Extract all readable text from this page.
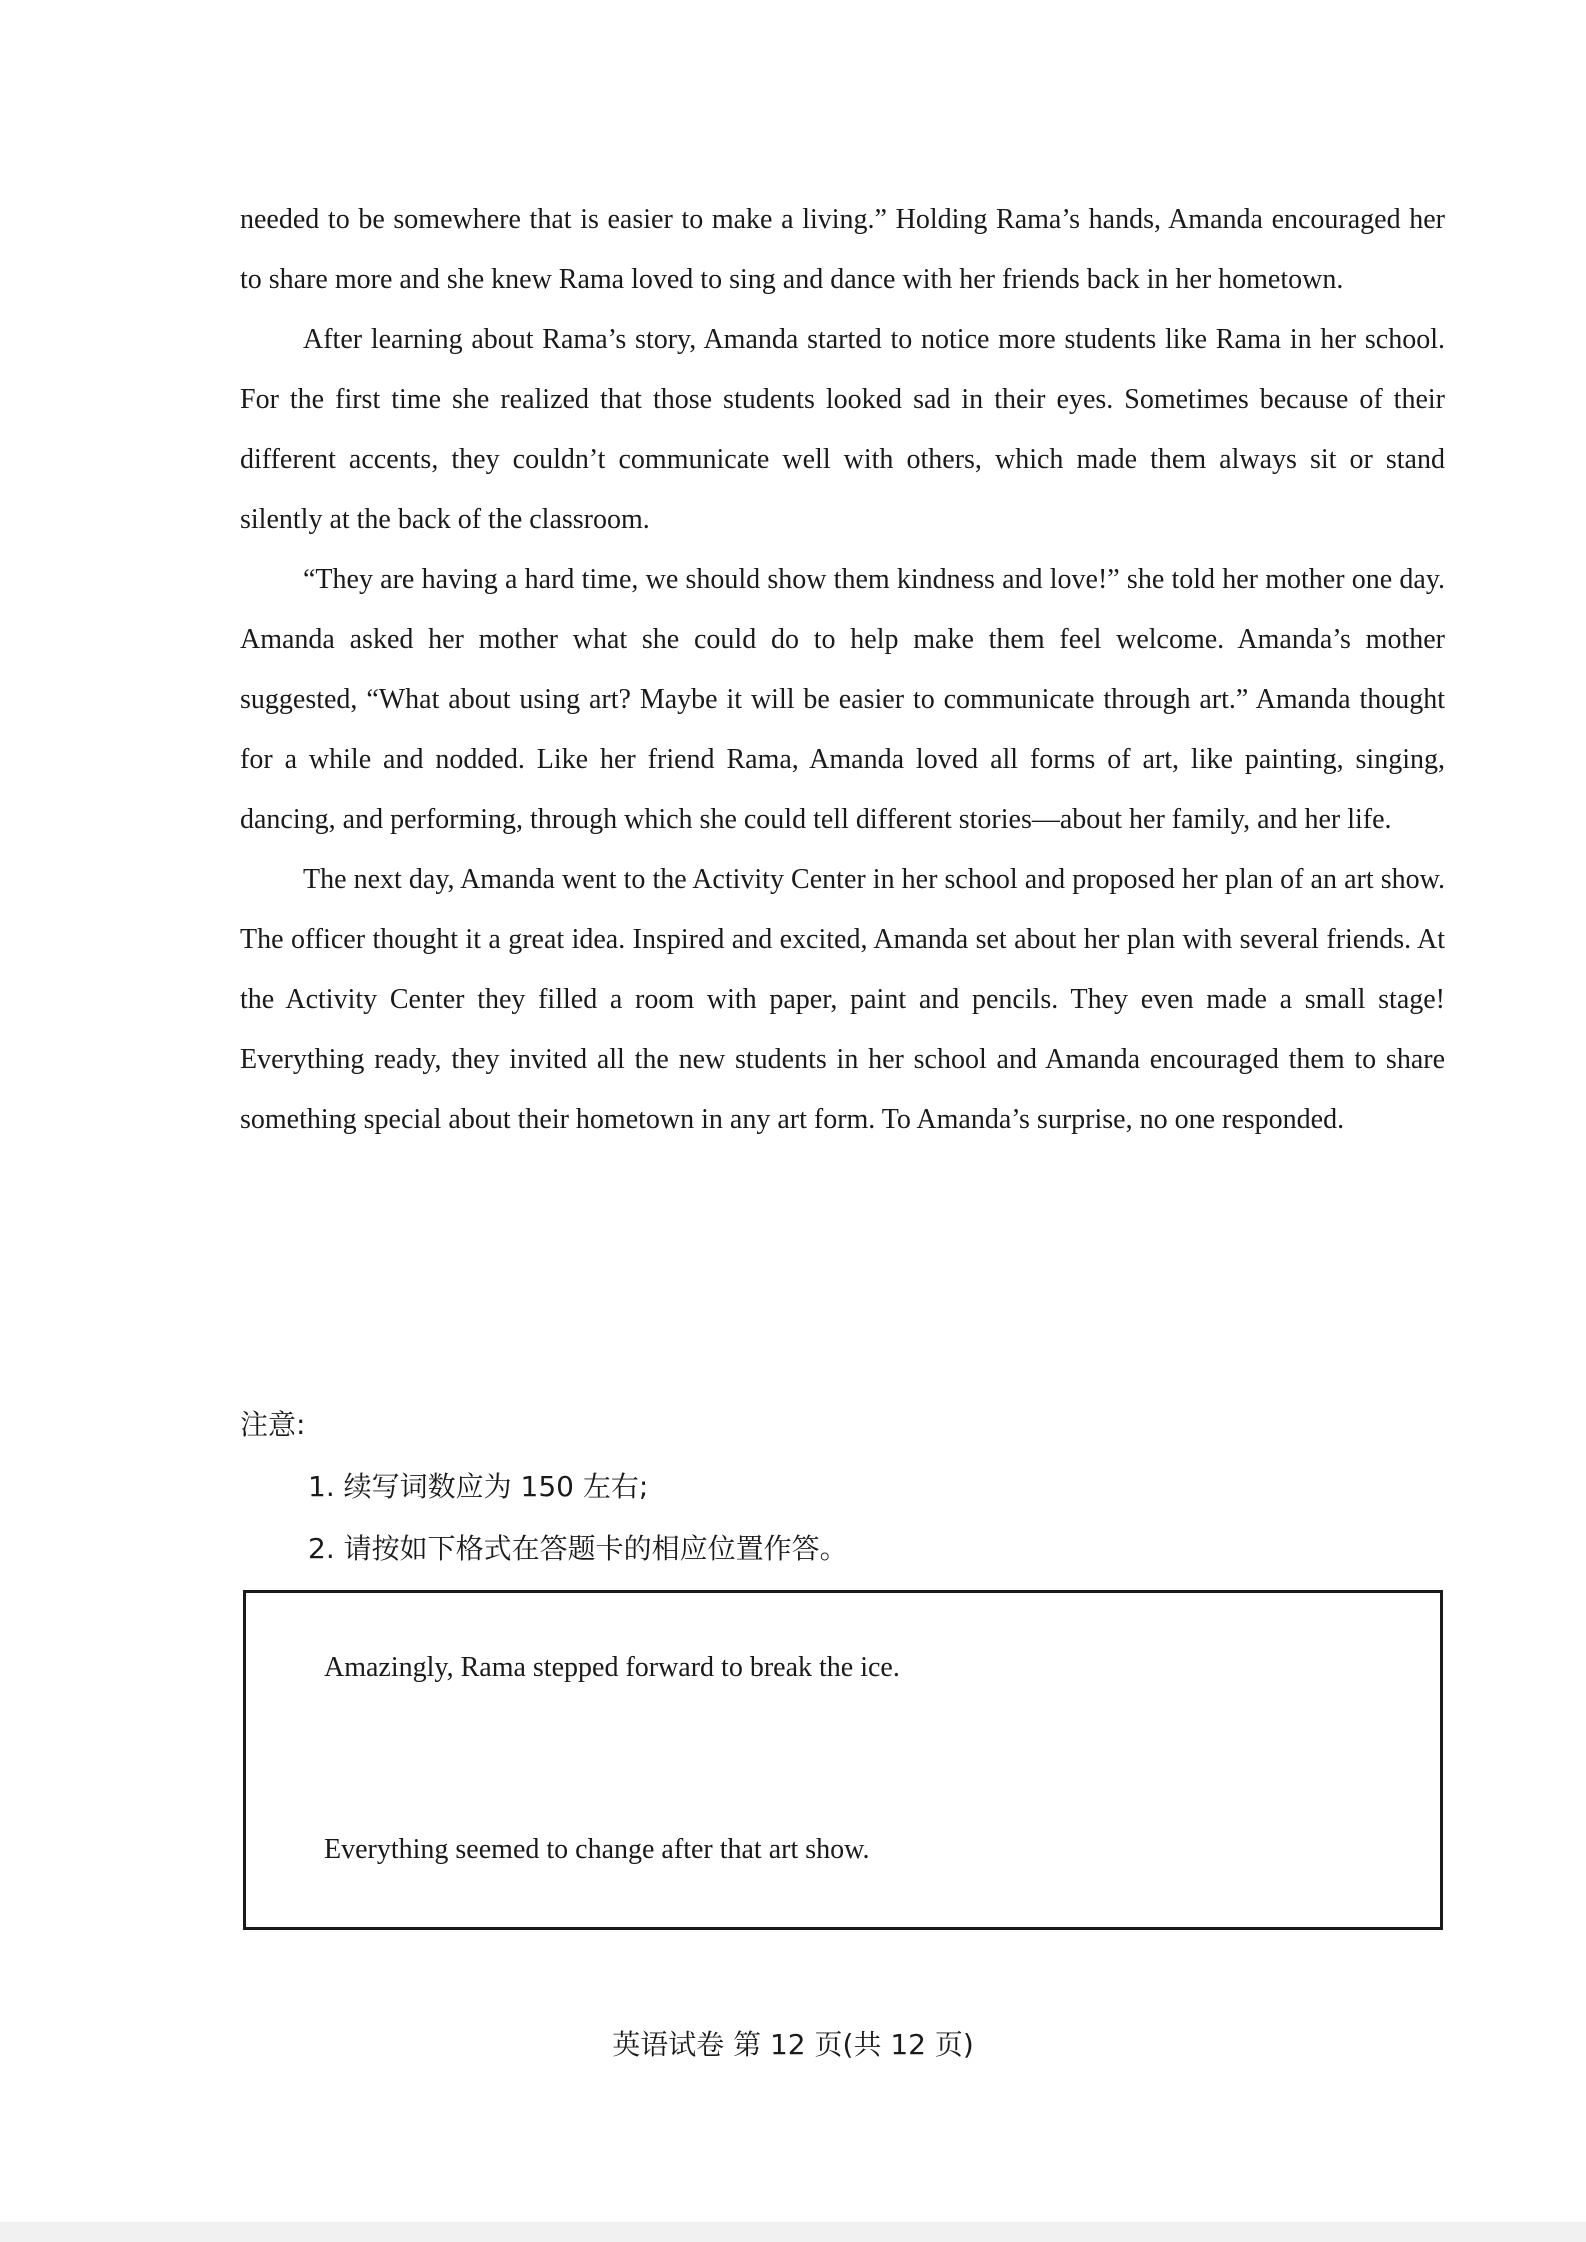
needed to be somewhere that is easier to make a living.” Holding Rama’s hands, Amanda encouraged her to share more and she knew Rama loved to sing and dance with her friends back in her hometown.

After learning about Rama’s story, Amanda started to notice more students like Rama in her school. For the first time she realized that those students looked sad in their eyes. Sometimes because of their different accents, they couldn’t communicate well with others, which made them always sit or stand silently at the back of the classroom.

“They are having a hard time, we should show them kindness and love!” she told her mother one day. Amanda asked her mother what she could do to help make them feel welcome. Amanda’s mother suggested, “What about using art? Maybe it will be easier to communicate through art.” Amanda thought for a while and nodded. Like her friend Rama, Amanda loved all forms of art, like painting, singing, dancing, and performing, through which she could tell different stories—about her family, and her life.

The next day, Amanda went to the Activity Center in her school and proposed her plan of an art show. The officer thought it a great idea. Inspired and excited, Amanda set about her plan with several friends. At the Activity Center they filled a room with paper, paint and pencils. They even made a small stage! Everything ready, they invited all the new students in her school and Amanda encouraged them to share something special about their hometown in any art form. To Amanda’s surprise, no one responded.

注意:
1. 续写词数应为 150 左右;
2. 请按如下格式在答题卡的相应位置作答。
Amazingly, Rama stepped forward to break the ice.
Everything seemed to change after that art show.
英语试卷 第 12 页(共 12 页)
